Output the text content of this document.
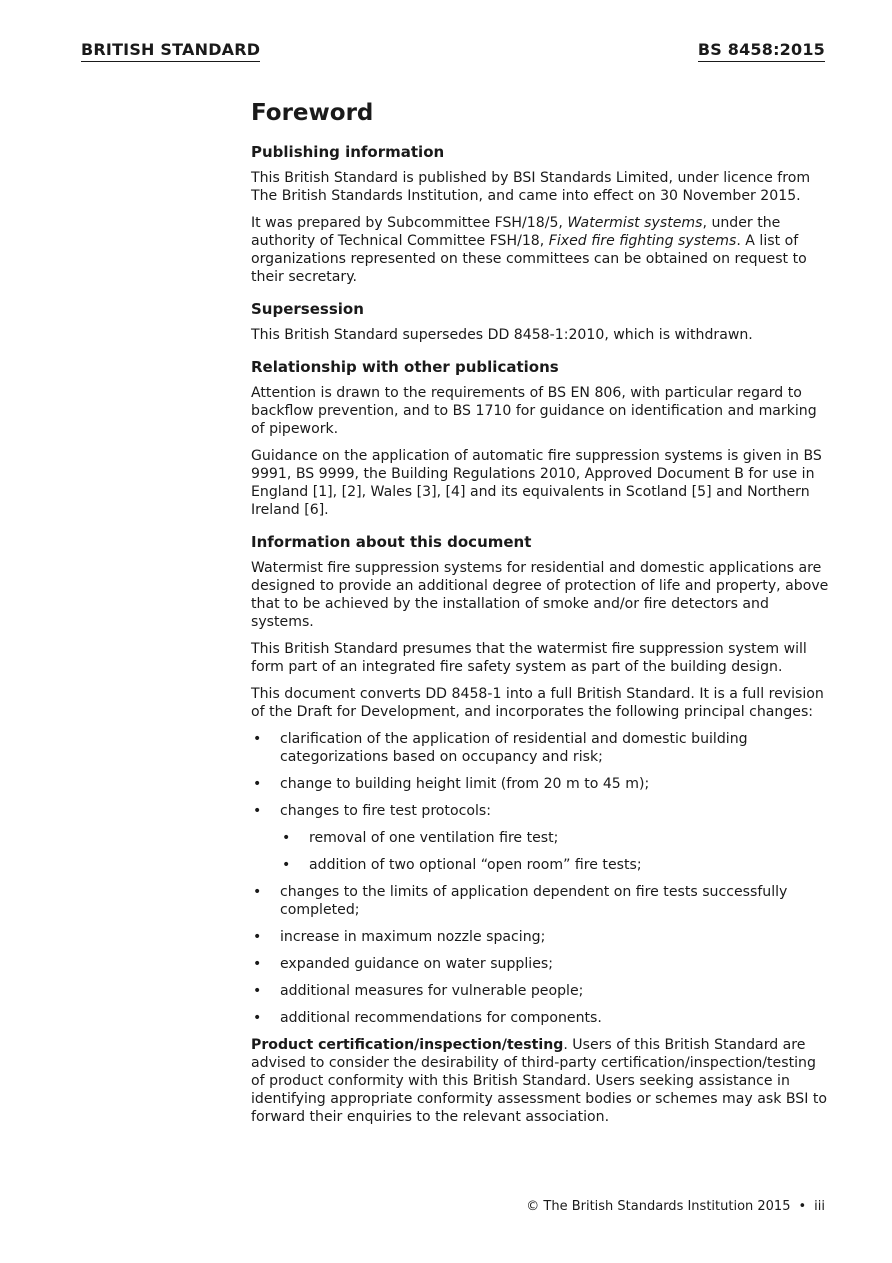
BRITISH STANDARD	BS 8458:2015
Foreword
Publishing information

This British Standard is published by BSI Standards Limited, under licence from The British Standards Institution, and came into effect on 30 November 2015.

It was prepared by Subcommittee FSH/18/5, Watermist systems, under the authority of Technical Committee FSH/18, Fixed fire fighting systems. A list of organizations represented on these committees can be obtained on request to their secretary.

Supersession

This British Standard supersedes DD 8458-1:2010, which is withdrawn.

Relationship with other publications

Attention is drawn to the requirements of BS EN 806, with particular regard to backflow prevention, and to BS 1710 for guidance on identification and marking of pipework.

Guidance on the application of automatic fire suppression systems is given in BS 9991, BS 9999, the Building Regulations 2010, Approved Document B for use in England [1], [2], Wales [3], [4] and its equivalents in Scotland [5] and Northern Ireland [6].

Information about this document

Watermist fire suppression systems for residential and domestic applications are designed to provide an additional degree of protection of life and property, above that to be achieved by the installation of smoke and/or fire detectors and systems.

This British Standard presumes that the watermist fire suppression system will form part of an integrated fire safety system as part of the building design.

This document converts DD 8458-1 into a full British Standard. It is a full revision of the Draft for Development, and incorporates the following principal changes:

• clarification of the application of residential and domestic building categorizations based on occupancy and risk;
• change to building height limit (from 20 m to 45 m);
• changes to fire test protocols:
• removal of one ventilation fire test;
• addition of two optional “open room” fire tests;
• changes to the limits of application dependent on fire tests successfully completed;
• increase in maximum nozzle spacing;
• expanded guidance on water supplies;
• additional measures for vulnerable people;
• additional recommendations for components.

Product certification/inspection/testing. Users of this British Standard are advised to consider the desirability of third-party certification/inspection/testing of product conformity with this British Standard. Users seeking assistance in identifying appropriate conformity assessment bodies or schemes may ask BSI to forward their enquiries to the relevant association.

© The British Standards Institution 2015 • iii
